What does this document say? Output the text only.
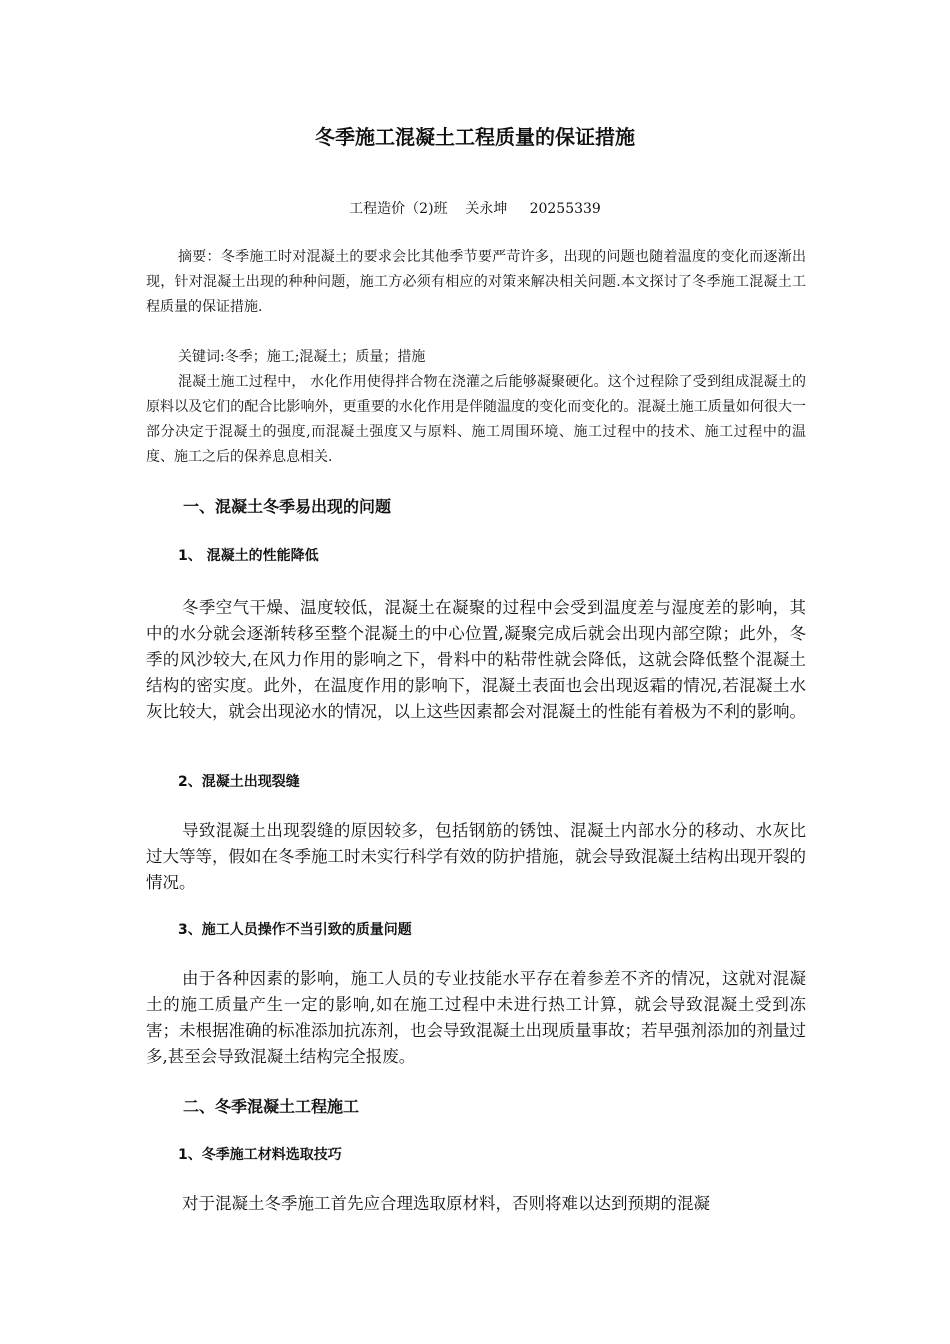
冬季施工混凝土工程质量的保证措施
工程造价（2)班    关永坤     20255339

摘要：冬季施工时对混凝土的要求会比其他季节要严苛许多，出现的问题也随着温度的变化而逐渐出现，针对混凝土出现的种种问题，施工方必须有相应的对策来解决相关问题.本文探讨了冬季施工混凝土工程质量的保证措施.

关键词:冬季；施工;混凝土；质量；措施

混凝土施工过程中， 水化作用使得拌合物在浇灌之后能够凝聚硬化。这个过程除了受到组成混凝土的原料以及它们的配合比影响外，更重要的水化作用是伴随温度的变化而变化的。混凝土施工质量如何很大一部分决定于混凝土的强度,而混凝土强度又与原料、施工周围环境、施工过程中的技术、施工过程中的温度、施工之后的保养息息相关.

一、混凝土冬季易出现的问题
1、 混凝土的性能降低

冬季空气干燥、温度较低，混凝土在凝聚的过程中会受到温度差与湿度差的影响，其中的水分就会逐渐转移至整个混凝土的中心位置,凝聚完成后就会出现内部空隙；此外，冬季的风沙较大,在风力作用的影响之下，骨料中的粘带性就会降低，这就会降低整个混凝土结构的密实度。此外，在温度作用的影响下，混凝土表面也会出现返霜的情况,若混凝土水灰比较大，就会出现泌水的情况，以上这些因素都会对混凝土的性能有着极为不利的影响。

2、混凝土出现裂缝

导致混凝土出现裂缝的原因较多，包括钢筋的锈蚀、混凝土内部水分的移动、水灰比过大等等，假如在冬季施工时未实行科学有效的防护措施，就会导致混凝土结构出现开裂的情况。

3、施工人员操作不当引致的质量问题

由于各种因素的影响，施工人员的专业技能水平存在着参差不齐的情况，这就对混凝土的施工质量产生一定的影响,如在施工过程中未进行热工计算，就会导致混凝土受到冻害；未根据准确的标准添加抗冻剂，也会导致混凝土出现质量事故；若早强剂添加的剂量过多,甚至会导致混凝土结构完全报废。

二、冬季混凝土工程施工
1、冬季施工材料选取技巧

对于混凝土冬季施工首先应合理选取原材料，否则将难以达到预期的混凝
